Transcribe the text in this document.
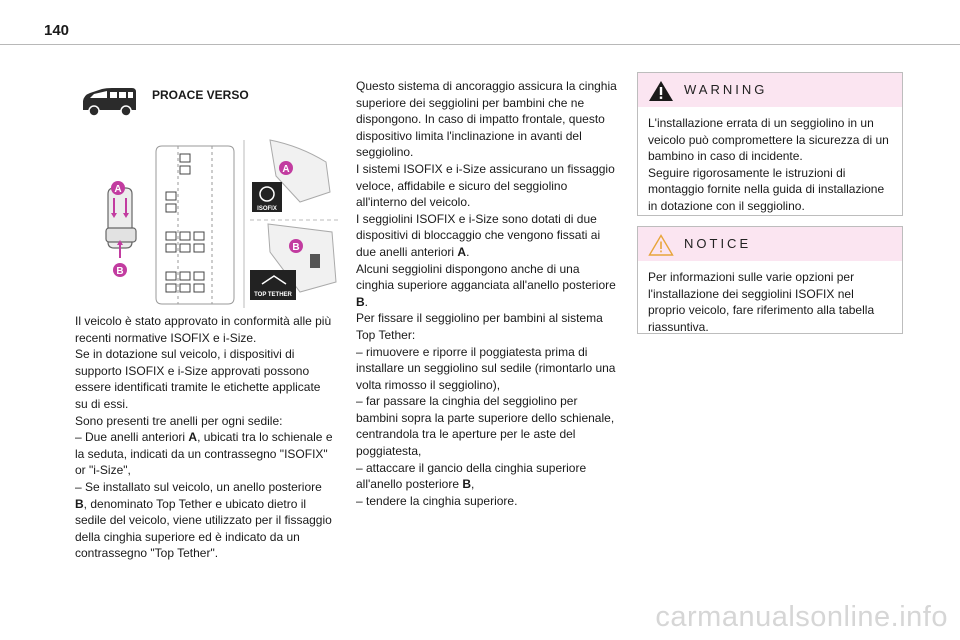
140
PROACE VERSO
A
B
A
ISOFIX
B
TOP TETHER

Il veicolo è stato approvato in conformità alle più

recenti normative ISOFIX e i-Size.

Se in dotazione sul veicolo, i dispositivi di

supporto ISOFIX e i-Size approvati possono

essere identificati tramite le etichette applicate

su di essi.

Sono presenti tre anelli per ogni sedile:

– Due anelli anteriori A, ubicati tra lo schienale e

la seduta, indicati da un contrassegno "ISOFIX"

or "i-Size",

– Se installato sul veicolo, un anello posteriore

B, denominato Top Tether e ubicato dietro il

sedile del veicolo, viene utilizzato per il fissaggio

della cinghia superiore ed è indicato da un

contrassegno "Top Tether".

Questo sistema di ancoraggio assicura la cinghia

superiore dei seggiolini per bambini che ne

dispongono. In caso di impatto frontale, questo

dispositivo limita l'inclinazione in avanti del

seggiolino.

I sistemi ISOFIX e i-Size assicurano un fissaggio

veloce, affidabile e sicuro del seggiolino

all'interno del veicolo.

I seggiolini ISOFIX e i-Size sono dotati di due

dispositivi di bloccaggio che vengono fissati ai

due anelli anteriori A.

Alcuni seggiolini dispongono anche di una

cinghia superiore agganciata all'anello posteriore

B.

Per fissare il seggiolino per bambini al sistema

Top Tether:

– rimuovere e riporre il poggiatesta prima di

installare un seggiolino sul sedile (rimontarlo una

volta rimosso il seggiolino),

– far passare la cinghia del seggiolino per

bambini sopra la parte superiore dello schienale,

centrandola tra le aperture per le aste del

poggiatesta,

– attaccare il gancio della cinghia superiore

all'anello posteriore B,

– tendere la cinghia superiore.

WARNING

L'installazione errata di un seggiolino in un

veicolo può compromettere la sicurezza di un

bambino in caso di incidente.

Seguire rigorosamente le istruzioni di

montaggio fornite nella guida di installazione

in dotazione con il seggiolino.

NOTICE

Per informazioni sulle varie opzioni per

l'installazione dei seggiolini ISOFIX nel

proprio veicolo, fare riferimento alla tabella

riassuntiva.

carmanualsonline.info
